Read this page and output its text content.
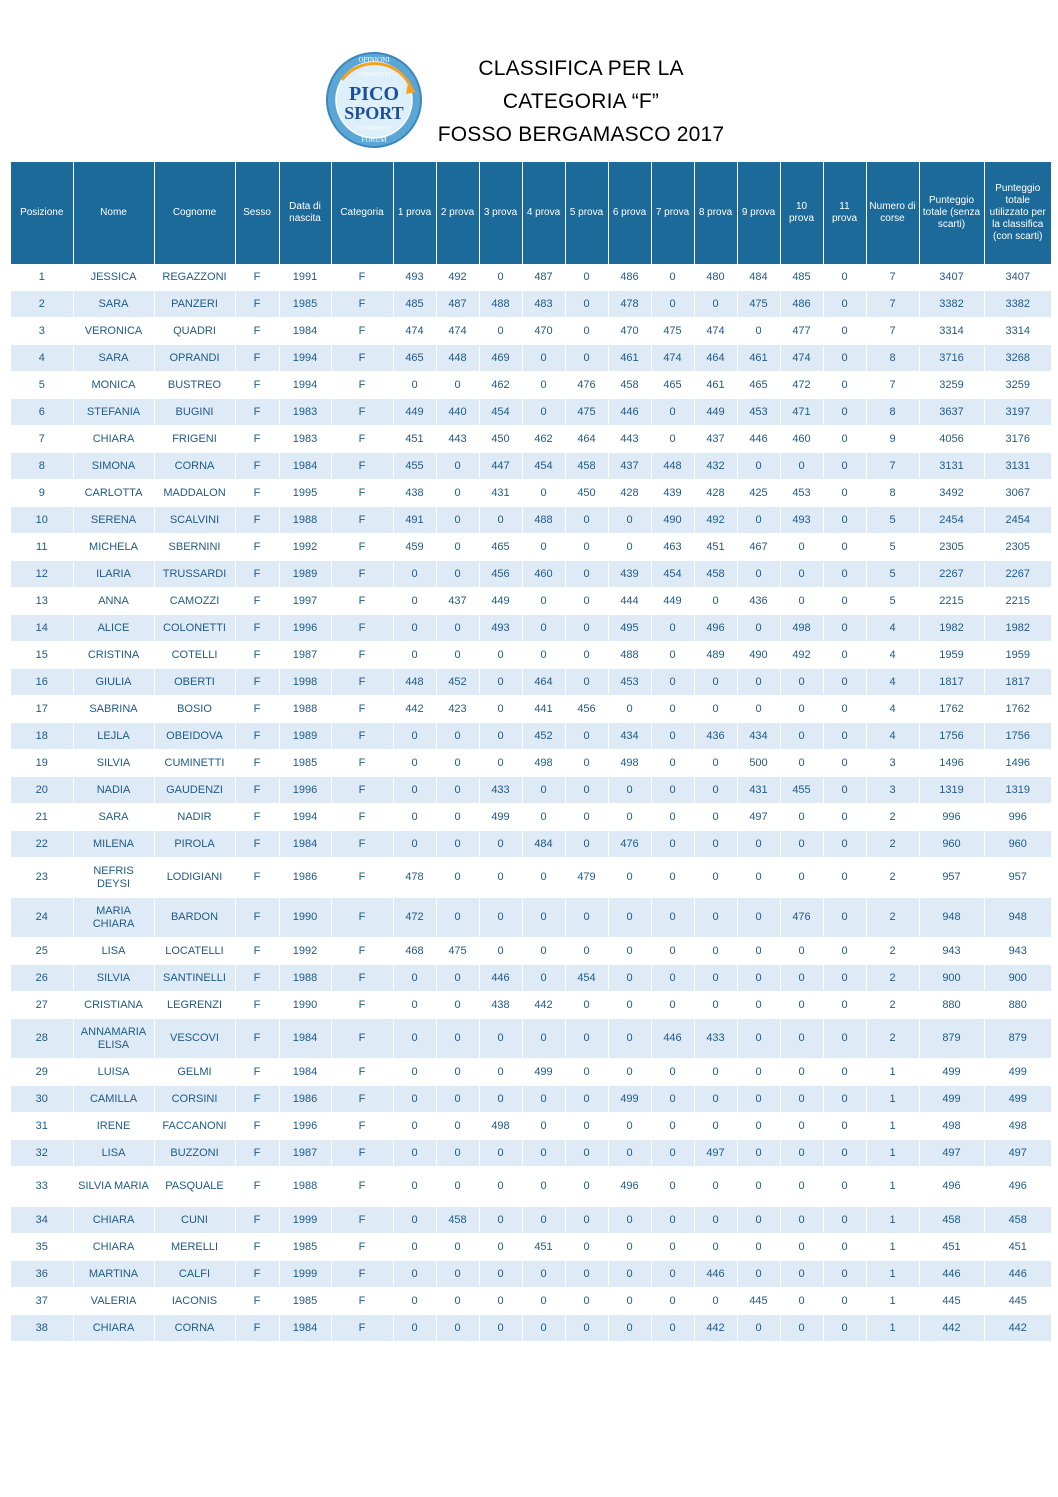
OPINIONI
COMMENTI
PICO
SPORT
COMMENTI
FORUM
CLASSIFICA PER LA
CATEGORIA “F”
FOSSO BERGAMASCO 2017
Posizione	Nome	Cognome	Sesso	Data di nascita	Categoria	1 prova	2 prova	3 prova	4 prova	5 prova	6 prova	7 prova	8 prova	9 prova	10 prova	11 prova	Numero di corse	Punteggio totale (senza scarti)	Punteggio totale utilizzato per la classifica (con scarti)
1	JESSICA	REGAZZONI	F	1991	F	493	492	0	487	0	486	0	480	484	485	0	7	3407	3407
2	SARA	PANZERI	F	1985	F	485	487	488	483	0	478	0	0	475	486	0	7	3382	3382
3	VERONICA	QUADRI	F	1984	F	474	474	0	470	0	470	475	474	0	477	0	7	3314	3314
4	SARA	OPRANDI	F	1994	F	465	448	469	0	0	461	474	464	461	474	0	8	3716	3268
5	MONICA	BUSTREO	F	1994	F	0	0	462	0	476	458	465	461	465	472	0	7	3259	3259
6	STEFANIA	BUGINI	F	1983	F	449	440	454	0	475	446	0	449	453	471	0	8	3637	3197
7	CHIARA	FRIGENI	F	1983	F	451	443	450	462	464	443	0	437	446	460	0	9	4056	3176
8	SIMONA	CORNA	F	1984	F	455	0	447	454	458	437	448	432	0	0	0	7	3131	3131
9	CARLOTTA	MADDALON	F	1995	F	438	0	431	0	450	428	439	428	425	453	0	8	3492	3067
10	SERENA	SCALVINI	F	1988	F	491	0	0	488	0	0	490	492	0	493	0	5	2454	2454
11	MICHELA	SBERNINI	F	1992	F	459	0	465	0	0	0	463	451	467	0	0	5	2305	2305
12	ILARIA	TRUSSARDI	F	1989	F	0	0	456	460	0	439	454	458	0	0	0	5	2267	2267
13	ANNA	CAMOZZI	F	1997	F	0	437	449	0	0	444	449	0	436	0	0	5	2215	2215
14	ALICE	COLONETTI	F	1996	F	0	0	493	0	0	495	0	496	0	498	0	4	1982	1982
15	CRISTINA	COTELLI	F	1987	F	0	0	0	0	0	488	0	489	490	492	0	4	1959	1959
16	GIULIA	OBERTI	F	1998	F	448	452	0	464	0	453	0	0	0	0	0	4	1817	1817
17	SABRINA	BOSIO	F	1988	F	442	423	0	441	456	0	0	0	0	0	0	4	1762	1762
18	LEJLA	OBEIDOVA	F	1989	F	0	0	0	452	0	434	0	436	434	0	0	4	1756	1756
19	SILVIA	CUMINETTI	F	1985	F	0	0	0	498	0	498	0	0	500	0	0	3	1496	1496
20	NADIA	GAUDENZI	F	1996	F	0	0	433	0	0	0	0	0	431	455	0	3	1319	1319
21	SARA	NADIR	F	1994	F	0	0	499	0	0	0	0	0	497	0	0	2	996	996
22	MILENA	PIROLA	F	1984	F	0	0	0	484	0	476	0	0	0	0	0	2	960	960
23	NEFRIS DEYSI	LODIGIANI	F	1986	F	478	0	0	0	479	0	0	0	0	0	0	2	957	957
24	MARIA CHIARA	BARDON	F	1990	F	472	0	0	0	0	0	0	0	0	476	0	2	948	948
25	LISA	LOCATELLI	F	1992	F	468	475	0	0	0	0	0	0	0	0	0	2	943	943
26	SILVIA	SANTINELLI	F	1988	F	0	0	446	0	454	0	0	0	0	0	0	2	900	900
27	CRISTIANA	LEGRENZI	F	1990	F	0	0	438	442	0	0	0	0	0	0	0	2	880	880
28	ANNAMARIA ELISA	VESCOVI	F	1984	F	0	0	0	0	0	0	446	433	0	0	0	2	879	879
29	LUISA	GELMI	F	1984	F	0	0	0	499	0	0	0	0	0	0	0	1	499	499
30	CAMILLA	CORSINI	F	1986	F	0	0	0	0	0	499	0	0	0	0	0	1	499	499
31	IRENE	FACCANONI	F	1996	F	0	0	498	0	0	0	0	0	0	0	0	1	498	498
32	LISA	BUZZONI	F	1987	F	0	0	0	0	0	0	0	497	0	0	0	1	497	497
33	SILVIA MARIA	PASQUALE	F	1988	F	0	0	0	0	0	496	0	0	0	0	0	1	496	496
34	CHIARA	CUNI	F	1999	F	0	458	0	0	0	0	0	0	0	0	0	1	458	458
35	CHIARA	MERELLI	F	1985	F	0	0	0	451	0	0	0	0	0	0	0	1	451	451
36	MARTINA	CALFI	F	1999	F	0	0	0	0	0	0	0	446	0	0	0	1	446	446
37	VALERIA	IACONIS	F	1985	F	0	0	0	0	0	0	0	0	445	0	0	1	445	445
38	CHIARA	CORNA	F	1984	F	0	0	0	0	0	0	0	442	0	0	0	1	442	442
